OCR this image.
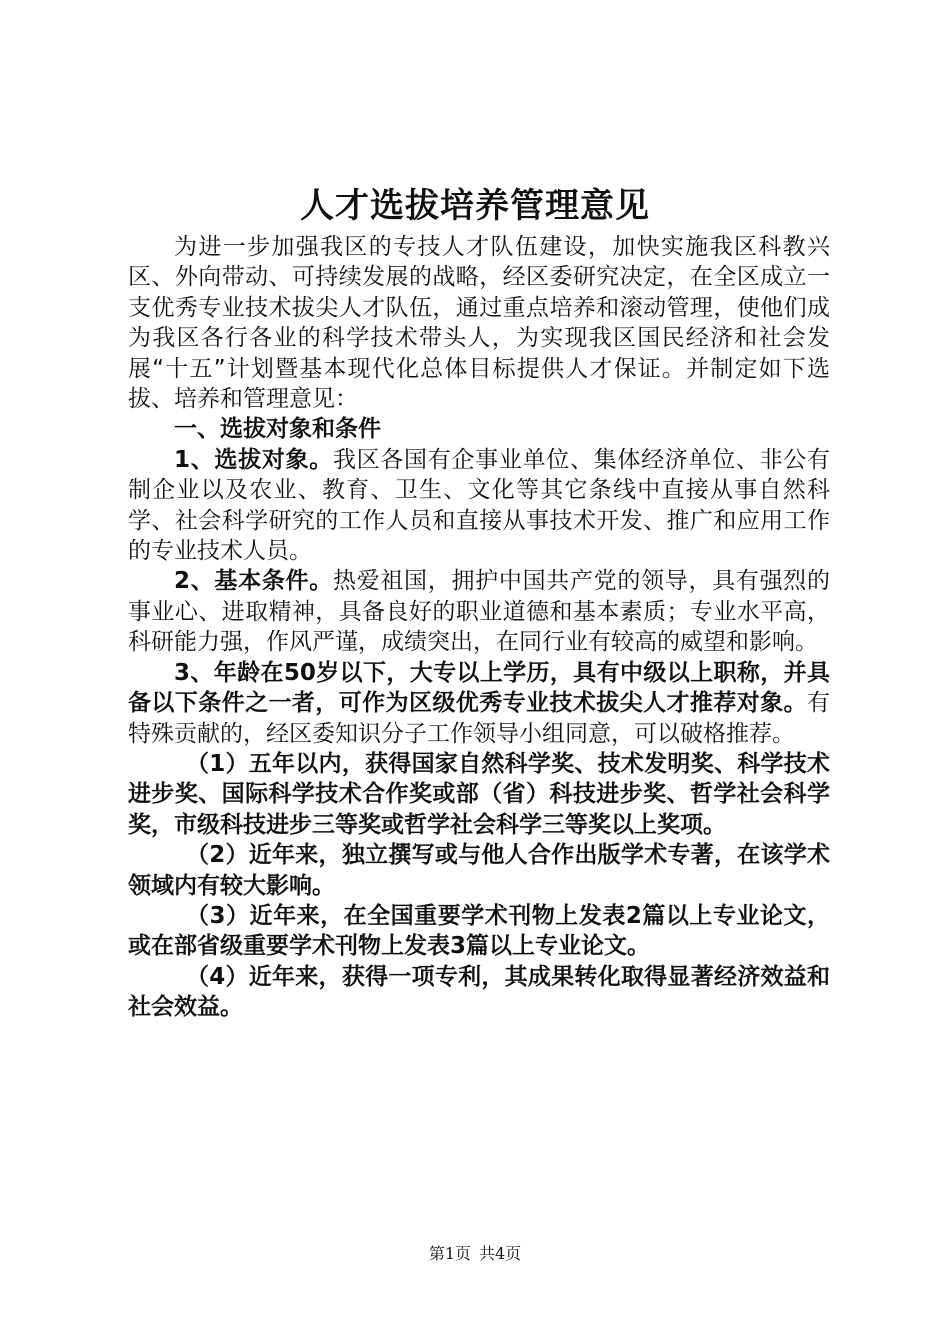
人才选拔培养管理意见

为进一步加强我区的专技人才队伍建设，加快实施我区科教兴区、外向带动、可持续发展的战略，经区委研究决定，在全区成立一支优秀专业技术拔尖人才队伍，通过重点培养和滚动管理，使他们成为我区各行各业的科学技术带头人，为实现我区国民经济和社会发展“十五”计划暨基本现代化总体目标提供人才保证。并制定如下选拔、培养和管理意见：

一、选拔对象和条件

1、选拔对象。我区各国有企事业单位、集体经济单位、非公有制企业以及农业、教育、卫生、文化等其它条线中直接从事自然科学、社会科学研究的工作人员和直接从事技术开发、推广和应用工作的专业技术人员。

2、基本条件。热爱祖国，拥护中国共产党的领导，具有强烈的事业心、进取精神，具备良好的职业道德和基本素质；专业水平高，科研能力强，作风严谨，成绩突出，在同行业有较高的威望和影响。

3、年龄在50岁以下，大专以上学历，具有中级以上职称，并具备以下条件之一者，可作为区级优秀专业技术拔尖人才推荐对象。有特殊贡献的，经区委知识分子工作领导小组同意，可以破格推荐。

（1）五年以内，获得国家自然科学奖、技术发明奖、科学技术进步奖、国际科学技术合作奖或部（省）科技进步奖、哲学社会科学奖，市级科技进步三等奖或哲学社会科学三等奖以上奖项。

（2）近年来，独立撰写或与他人合作出版学术专著，在该学术领域内有较大影响。

（3）近年来，在全国重要学术刊物上发表2篇以上专业论文，或在部省级重要学术刊物上发表3篇以上专业论文。

（4）近年来，获得一项专利，其成果转化取得显著经济效益和社会效益。

第1页 共4页
